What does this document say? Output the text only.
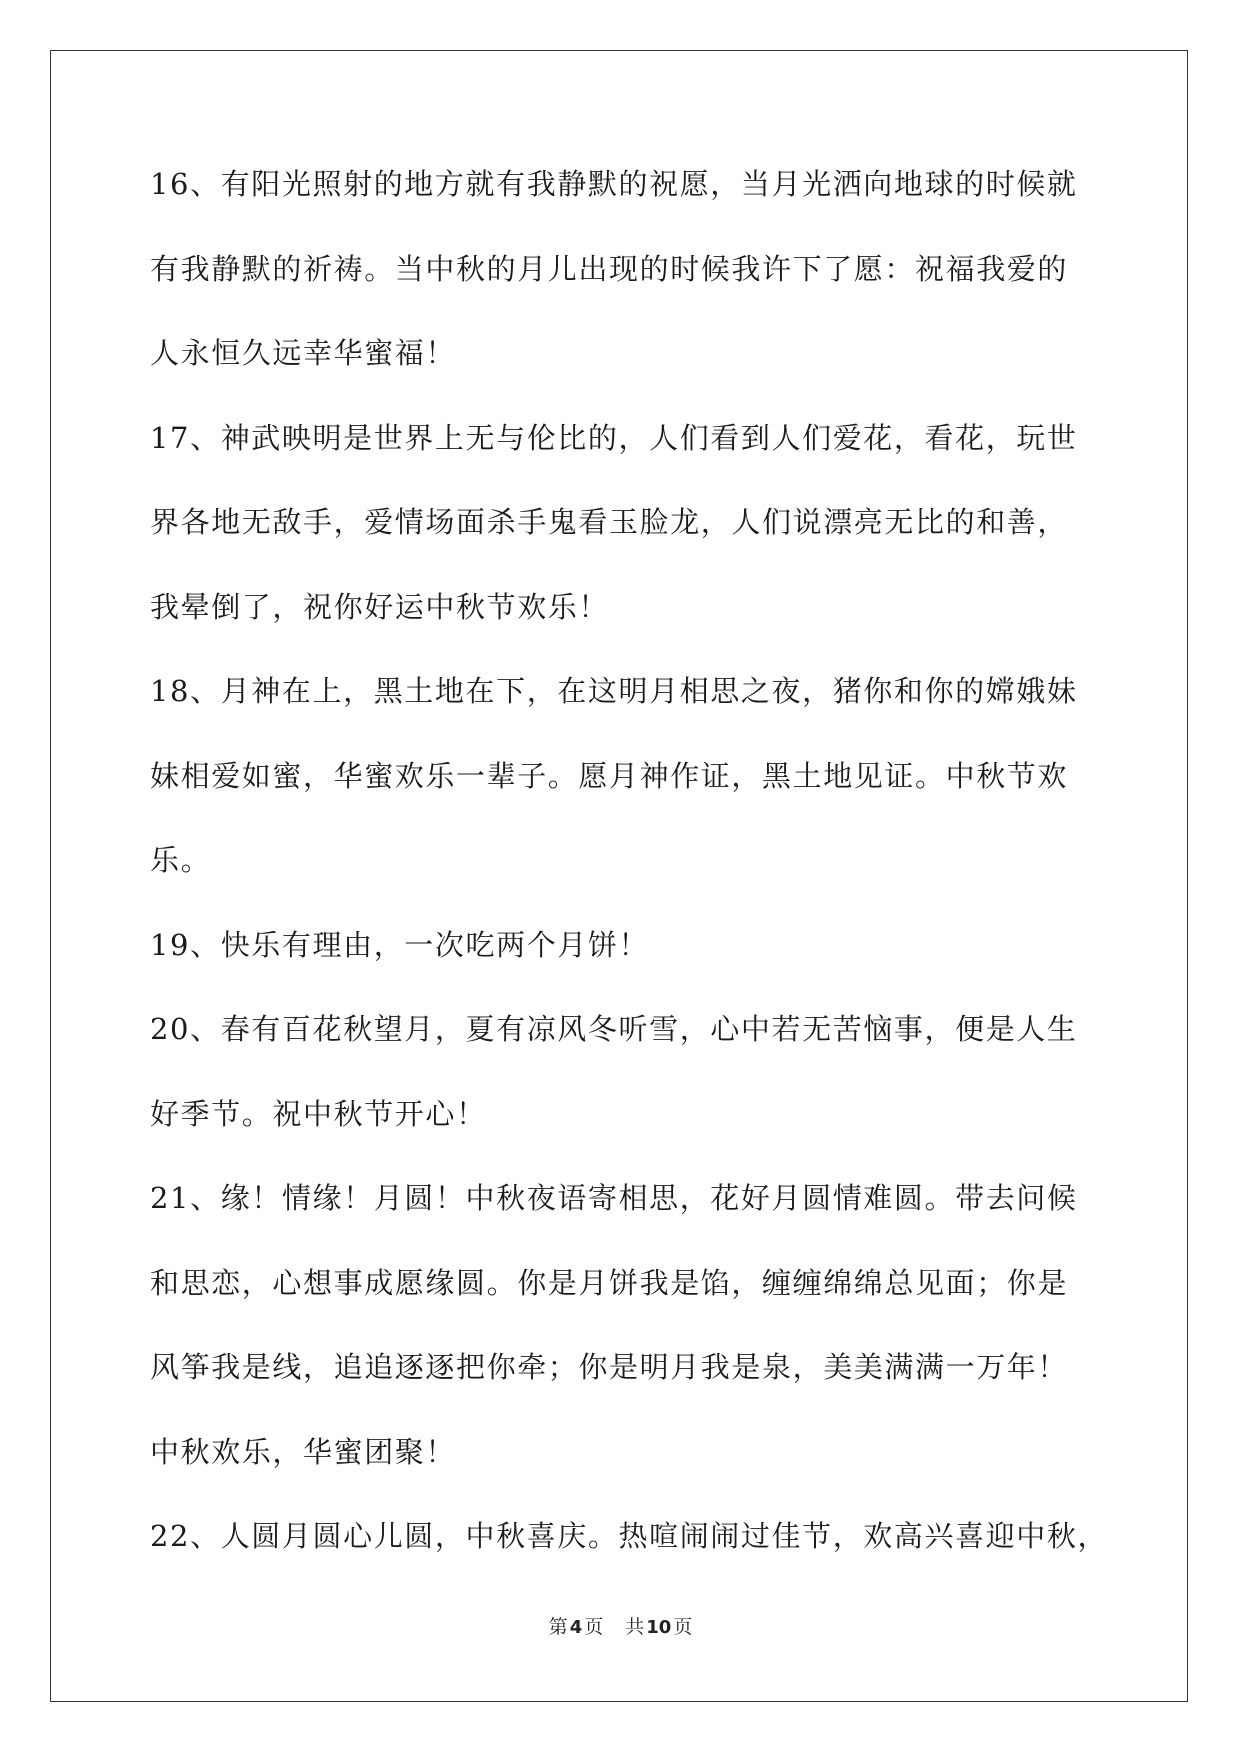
16、有阳光照射的地方就有我静默的祝愿，当月光洒向地球的时候就
有我静默的祈祷。当中秋的月儿出现的时候我许下了愿：祝福我爱的
人永恒久远幸华蜜福！
17、神武映明是世界上无与伦比的，人们看到人们爱花，看花，玩世
界各地无敌手，爱情场面杀手鬼看玉脸龙，人们说漂亮无比的和善，
我晕倒了，祝你好运中秋节欢乐！
18、月神在上，黑土地在下，在这明月相思之夜，猪你和你的嫦娥妹
妹相爱如蜜，华蜜欢乐一辈子。愿月神作证，黑土地见证。中秋节欢
乐。
19、快乐有理由，一次吃两个月饼！
20、春有百花秋望月，夏有凉风冬听雪，心中若无苦恼事，便是人生
好季节。祝中秋节开心！
21、缘！情缘！月圆！中秋夜语寄相思，花好月圆情难圆。带去问候
和思恋，心想事成愿缘圆。你是月饼我是馅，缠缠绵绵总见面；你是
风筝我是线，追追逐逐把你牵；你是明月我是泉，美美满满一万年！
中秋欢乐，华蜜团聚！
22、人圆月圆心儿圆，中秋喜庆。热喧闹闹过佳节，欢高兴喜迎中秋，
第 4 页 共 10 页
